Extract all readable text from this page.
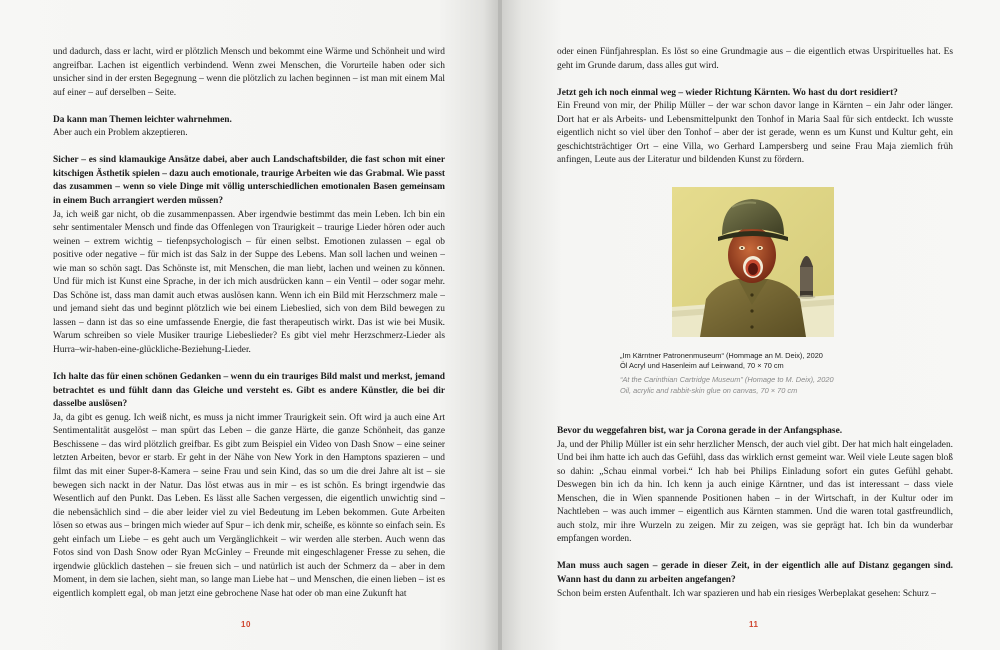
und dadurch, dass er lacht, wird er plötzlich Mensch und bekommt eine Wärme und Schönheit und wird angreifbar. Lachen ist eigentlich verbindend. Wenn zwei Menschen, die Vorurteile haben oder sich unsicher sind in der ersten Begegnung – wenn die plötzlich zu lachen beginnen – ist man mit einem Mal auf einer – auf derselben – Seite.

Da kann man Themen leichter wahrnehmen.

Aber auch ein Problem akzeptieren.

Sicher – es sind klamaukige Ansätze dabei, aber auch Landschaftsbilder, die fast schon mit einer kitschigen Ästhetik spielen – dazu auch emotionale, traurige Arbeiten wie das Grabmal. Wie passt das zusammen – wenn so viele Dinge mit völlig unterschiedlichen emotionalen Basen gemeinsam in einem Buch arrangiert werden müssen?

Ja, ich weiß gar nicht, ob die zusammenpassen. Aber irgendwie bestimmt das mein Leben. Ich bin ein sehr sentimentaler Mensch und finde das Offenlegen von Traurigkeit – traurige Lieder hören oder auch weinen – extrem wichtig – tiefenpsychologisch – für einen selbst. Emotionen zulassen – egal ob positive oder negative – für mich ist das Salz in der Suppe des Lebens. Man soll lachen und weinen – wie man so schön sagt. Das Schönste ist, mit Menschen, die man liebt, lachen und weinen zu können. Und für mich ist Kunst eine Sprache, in der ich mich ausdrücken kann – ein Ventil – oder sogar mehr. Das Schöne ist, dass man damit auch etwas auslösen kann. Wenn ich ein Bild mit Herzschmerz male – und jemand sieht das und beginnt plötzlich wie bei einem Liebeslied, sich von dem Bild bewegen zu lassen – dann ist das so eine umfassende Energie, die fast therapeutisch wirkt. Das ist wie bei Musik. Warum schreiben so viele Musiker traurige Liebeslieder? Es gibt viel mehr Herzschmerz-Lieder als Hurra–wir-haben-eine-glückliche-Beziehung-Lieder.

Ich halte das für einen schönen Gedanken – wenn du ein trauriges Bild malst und merkst, jemand betrachtet es und fühlt dann das Gleiche und versteht es. Gibt es andere Künstler, die bei dir dasselbe auslösen?

Ja, da gibt es genug. Ich weiß nicht, es muss ja nicht immer Traurigkeit sein. Oft wird ja auch eine Art Sentimentalität ausgelöst – man spürt das Leben – die ganze Härte, die ganze Schönheit, das ganze Beschissene – das wird plötzlich greifbar. Es gibt zum Beispiel ein Video von Dash Snow – eine seiner letzten Arbeiten, bevor er starb. Er geht in der Nähe von New York in den Hamptons spazieren – und filmt das mit einer Super-8-Kamera – seine Frau und sein Kind, das so um die drei Jahre alt ist – sie bewegen sich nackt in der Natur. Das löst etwas aus in mir – es ist schön. Es bringt irgendwie das Wesentlich auf den Punkt. Das Leben. Es lässt alle Sachen vergessen, die eigentlich unwichtig sind – die nebensächlich sind – die aber leider viel zu viel Bedeutung im Leben bekommen. Gute Arbeiten lösen so etwas aus – bringen mich wieder auf Spur – ich denk mir, scheiße, es könnte so einfach sein. Es geht einfach um Liebe – es geht auch um Vergänglichkeit – wir werden alle sterben. Auch wenn das Fotos sind von Dash Snow oder Ryan McGinley – Freunde mit eingeschlagener Fresse zu sehen, die irgendwie glücklich dastehen – sie freuen sich – und natürlich ist auch der Schmerz da – aber in dem Moment, in dem sie lachen, sieht man, so lange man Liebe hat – und Menschen, die einen lieben – ist es eigentlich komplett egal, ob man jetzt eine gebrochene Nase hat oder ob man eine Zukunft hat

10

oder einen Fünfjahresplan. Es löst so eine Grundmagie aus – die eigentlich etwas Urspirituelles hat. Es geht im Grunde darum, dass alles gut wird.

Jetzt geh ich noch einmal weg – wieder Richtung Kärnten. Wo hast du dort residiert?

Ein Freund von mir, der Philip Müller – der war schon davor lange in Kärnten – ein Jahr oder länger. Dort hat er als Arbeits- und Lebensmittelpunkt den Tonhof in Maria Saal für sich entdeckt. Ich wusste eigentlich nicht so viel über den Tonhof – aber der ist gerade, wenn es um Kunst und Kultur geht, ein geschichtsträchtiger Ort – eine Villa, wo Gerhard Lampersberg und seine Frau Maja ziemlich früh anfingen, Leute aus der Literatur und bildenden Kunst zu fördern.

„Im Kärntner Patronenmuseum“ (Hommage an M. Deix), 2020
Öl Acryl und Hasenleim auf Leinwand, 70 × 70 cm
“At the Carinthian Cartridge Museum” (Homage to M. Deix), 2020
Oil, acrylic and rabbit-skin glue on canvas, 70 × 70 cm

Bevor du weggefahren bist, war ja Corona gerade in der Anfangsphase.

Ja, und der Philip Müller ist ein sehr herzlicher Mensch, der auch viel gibt. Der hat mich halt eingeladen. Und bei ihm hatte ich auch das Gefühl, dass das wirklich ernst gemeint war. Weil viele Leute sagen bloß so dahin: „Schau einmal vorbei.“ Ich hab bei Philips Einladung sofort ein gutes Gefühl gehabt. Deswegen bin ich da hin. Ich kenn ja auch einige Kärntner, und das ist interessant – dass viele Menschen, die in Wien spannende Positionen haben – in der Wirtschaft, in der Kultur oder im Nachtleben – was auch immer – eigentlich aus Kärnten stammen. Und die waren total gastfreundlich, auch stolz, mir ihre Wurzeln zu zeigen. Mir zu zeigen, was sie geprägt hat. Ich bin da wunderbar empfangen worden.

Man muss auch sagen – gerade in dieser Zeit, in der eigentlich alle auf Distanz gegangen sind. Wann hast du dann zu arbeiten angefangen?

Schon beim ersten Aufenthalt. Ich war spazieren und hab ein riesiges Werbeplakat gesehen: Schurz –

11
